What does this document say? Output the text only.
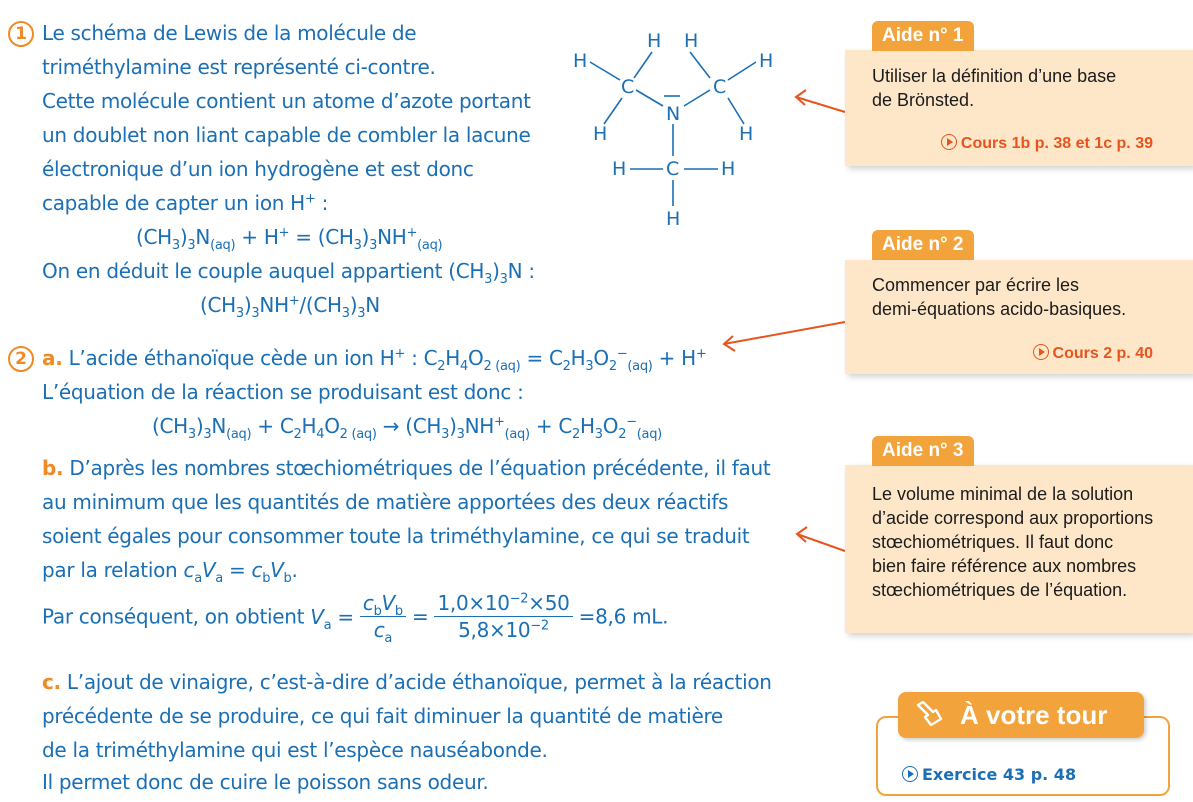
1 Le schéma de Lewis de la molécule de
triméthylamine est représenté ci-contre.
Cette molécule contient un atome d’azote portant
un doublet non liant capable de combler la lacune
électronique d’un ion hydrogène et est donc
capable de capter un ion H+ :
$(CH_3)_3N_{(aq)} + H^+ = (CH_3)_3NH^+_{(aq)}$
On en déduit le couple auquel appartient $(CH_3)_3N$ :
$(CH_3)_3NH^+/(CH_3)_3N$
H
H H
H
C
N
C
H	H
H C H
H
2 a. L’acide éthanoïque cède un ion H+ : $C_2H_4O_{2 (aq)} = C_2H_3O_2^-_{(aq)} + H^+$
L’équation de la réaction se produisant est donc :
$(CH_3)_3N_{(aq)} + C_2H_4O_{2 (aq)} \to (CH_3)_3NH^+_{(aq)} + C_2H_3O_2^-_{(aq)}$
b. D’après les nombres stœchiométriques de l’équation précédente, il faut
au minimum que les quantités de matière apportées des deux réactifs
soient égales pour consommer toute la triméthylamine, ce qui se traduit
par la relation $c_aV_a = c_bV_b$.
Par conséquent, on obtient $V_a = \frac{c_bV_b}{c_a} = \frac{1,0\times 10^{-2}\times 50}{5,8\times 10^{-2}} =8,6$ mL.
c. L’ajout de vinaigre, c’est-à-dire d’acide éthanoïque, permet à la réaction
précédente de se produire, ce qui fait diminuer la quantité de matière
de la triméthylamine qui est l’espèce nauséabonde.
Il permet donc de cuire le poisson sans odeur.
Utiliser la définition d’une base
de Brönsted.
Cours 1b p. 38 et 1c p. 39
Aide n° 1
Commencer par écrire les
demi-équations acido-basiques.
Cours 2 p. 40
Aide n° 2
Le volume minimal de la solution
d’acide correspond aux proportions
stœchiométriques. Il faut donc
bien faire référence aux nombres
stœchiométriques de l’équation.
Aide n° 3
Exercice 43 p. 48
À votre tour
